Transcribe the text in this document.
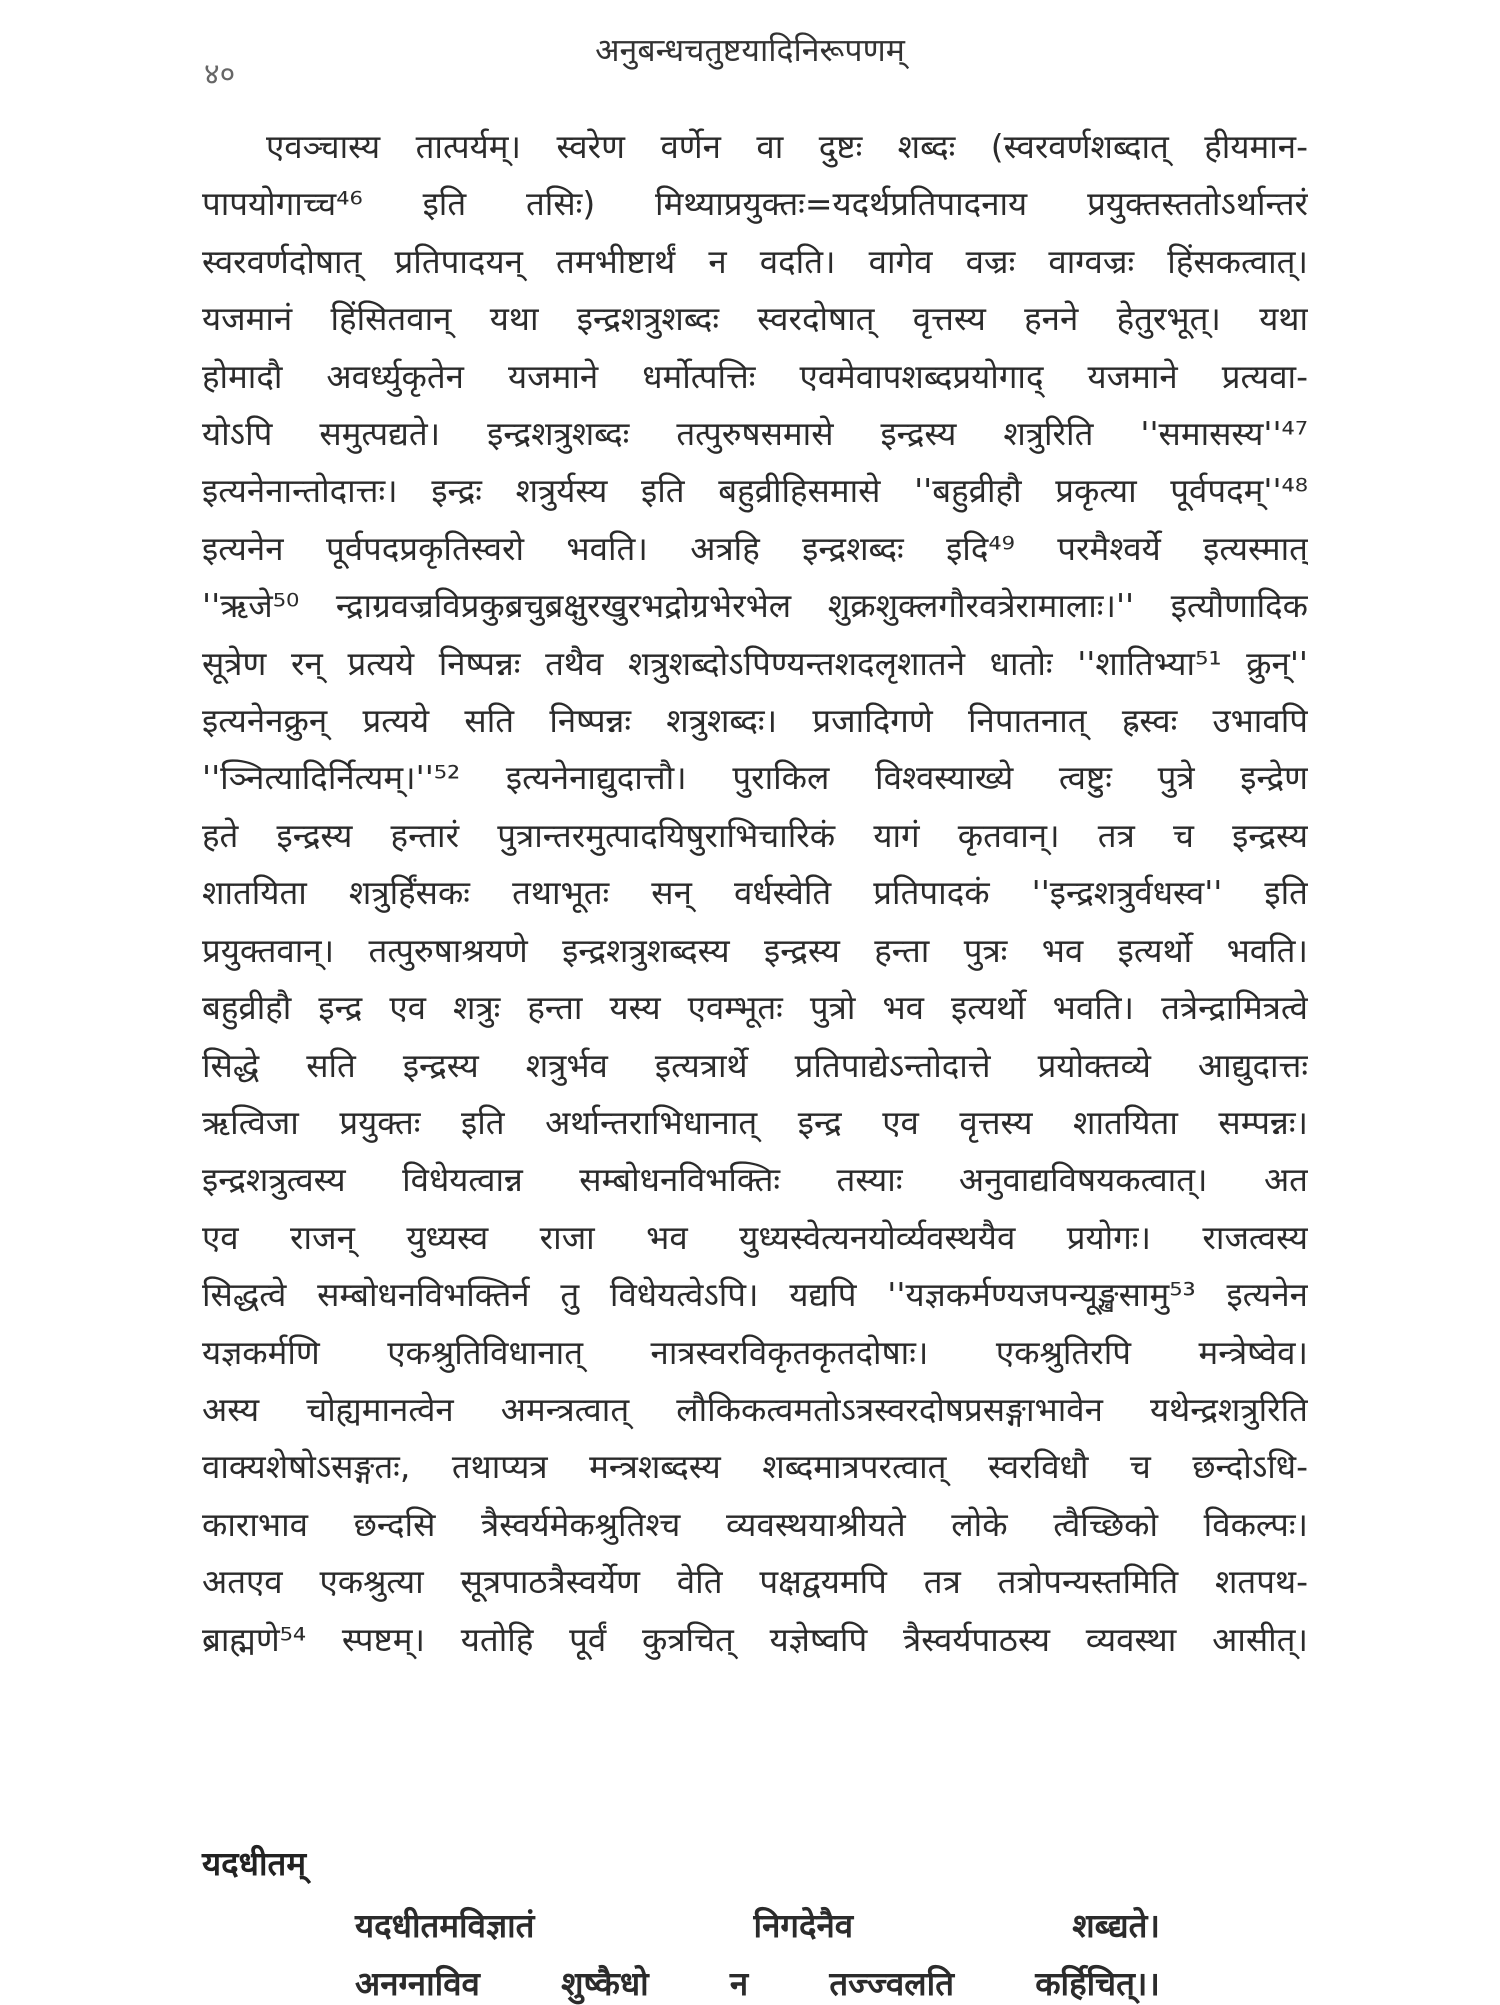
४०
अनुबन्धचतुष्टयादिनिरूपणम्
एवञ्चास्य तात्पर्यम्। स्वरेण वर्णेन वा दुष्टः शब्दः (स्वरवर्णशब्दात् हीयमान-
पापयोगाच्च⁴⁶ इति तसिः) मिथ्याप्रयुक्तः=यदर्थप्रतिपादनाय प्रयुक्तस्ततोऽर्थान्तरं
स्वरवर्णदोषात् प्रतिपादयन् तमभीष्टार्थं न वदति। वागेव वज्रः वाग्वज्रः हिंसकत्वात्।
यजमानं हिंसितवान् यथा इन्द्रशत्रुशब्दः स्वरदोषात् वृत्तस्य हनने हेतुरभूत्। यथा
होमादौ अवर्ध्युकृतेन यजमाने धर्मोत्पत्तिः एवमेवापशब्दप्रयोगाद् यजमाने प्रत्यवा-
योऽपि समुत्पद्यते। इन्द्रशत्रुशब्दः तत्पुरुषसमासे इन्द्रस्य शत्रुरिति ''समासस्य''⁴⁷
इत्यनेनान्तोदात्तः। इन्द्रः शत्रुर्यस्य इति बहुव्रीहिसमासे ''बहुव्रीहौ प्रकृत्या पूर्वपदम्''⁴⁸
इत्यनेन पूर्वपदप्रकृतिस्वरो भवति। अत्रहि इन्द्रशब्दः इदि⁴⁹ परमैश्वर्ये इत्यस्मात्
''ऋजे⁵⁰ न्द्राग्रवज्रविप्रकुब्रचुब्रक्षुरखुरभद्रोग्रभेरभेल शुक्रशुक्लगौरवत्रेरामालाः।'' इत्यौणादिक
सूत्रेण रन् प्रत्यये निष्पन्नः तथैव शत्रुशब्दोऽपिण्यन्तशदलृशातने धातोः ''शातिभ्या⁵¹ क्रुन्''
इत्यनेनक्रुन् प्रत्यये सति निष्पन्नः शत्रुशब्दः। प्रजादिगणे निपातनात् ह्रस्वः उभावपि
''ञ्नित्यादिर्नित्यम्।''⁵² इत्यनेनाद्युदात्तौ। पुराकिल विश्वस्याख्ये त्वष्टुः पुत्रे इन्द्रेण
हते इन्द्रस्य हन्तारं पुत्रान्तरमुत्पादयिषुराभिचारिकं यागं कृतवान्। तत्र च इन्द्रस्य
शातयिता शत्रुर्हिंसकः तथाभूतः सन् वर्धस्वेति प्रतिपादकं ''इन्द्रशत्रुर्वधस्व'' इति
प्रयुक्तवान्। तत्पुरुषाश्रयणे इन्द्रशत्रुशब्दस्य इन्द्रस्य हन्ता पुत्रः भव इत्यर्थो भवति।
बहुव्रीहौ इन्द्र एव शत्रुः हन्ता यस्य एवम्भूतः पुत्रो भव इत्यर्थो भवति। तत्रेन्द्रामित्रत्वे
सिद्धे सति इन्द्रस्य शत्रुर्भव इत्यत्रार्थे प्रतिपाद्येऽन्तोदात्ते प्रयोक्तव्ये आद्युदात्तः
ऋत्विजा प्रयुक्तः इति अर्थान्तराभिधानात् इन्द्र एव वृत्तस्य शातयिता सम्पन्नः।
इन्द्रशत्रुत्वस्य विधेयत्वान्न सम्बोधनविभक्तिः तस्याः अनुवाद्यविषयकत्वात्। अत
एव राजन् युध्यस्व राजा भव युध्यस्वेत्यनयोर्व्यवस्थयैव प्रयोगः। राजत्वस्य
सिद्धत्वे सम्बोधनविभक्तिर्न तु विधेयत्वेऽपि। यद्यपि ''यज्ञकर्मण्यजपन्यूङ्खसामु⁵³ इत्यनेन
यज्ञकर्मणि एकश्रुतिविधानात् नात्रस्वरविकृतकृतदोषाः। एकश्रुतिरपि मन्त्रेष्वेव।
अस्य चोह्यमानत्वेन अमन्त्रत्वात् लौकिकत्वमतोऽत्रस्वरदोषप्रसङ्गाभावेन यथेन्द्रशत्रुरिति
वाक्यशेषोऽसङ्गतः, तथाप्यत्र मन्त्रशब्दस्य शब्दमात्रपरत्वात् स्वरविधौ च छन्दोऽधि-
काराभाव छन्दसि त्रैस्वर्यमेकश्रुतिश्च व्यवस्थयाश्रीयते लोके त्वैच्छिको विकल्पः।
अतएव एकश्रुत्या सूत्रपाठत्रैस्वर्येण वेति पक्षद्वयमपि तत्र तत्रोपन्यस्तमिति शतपथ-
ब्राह्मणे⁵⁴ स्पष्टम्। यतोहि पूर्वं कुत्रचित् यज्ञेष्वपि त्रैस्वर्यपाठस्य व्यवस्था आसीत्।
यदधीतम्
यदधीतमविज्ञातं	निगदेनैव	शब्द्यते।
अनग्नाविव शुष्कैधो न तज्ज्वलति कर्हिचित्।।
